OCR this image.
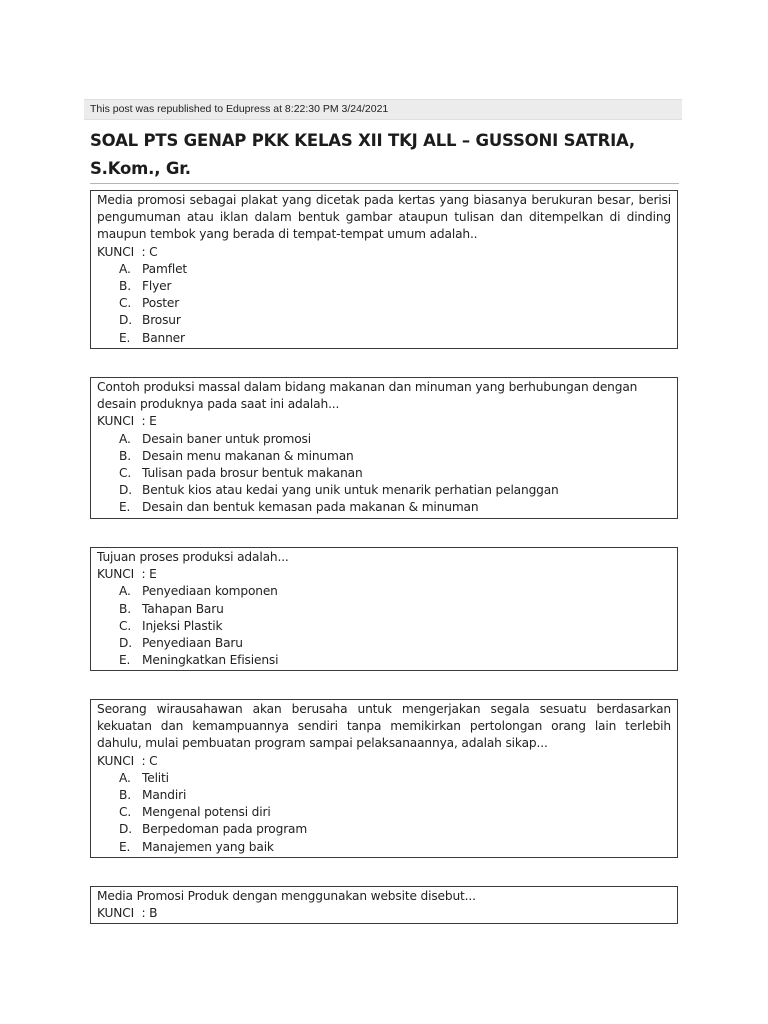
This post was republished to Edupress at 8:22:30 PM 3/24/2021
SOAL PTS GENAP PKK KELAS XII TKJ ALL – GUSSONI SATRIA, S.Kom., Gr.
Media promosi sebagai plakat yang dicetak pada kertas yang biasanya berukuran besar, berisi pengumuman atau iklan dalam bentuk gambar ataupun tulisan dan ditempelkan di dinding maupun tembok yang berada di tempat-tempat umum adalah..
KUNCI  : C
A. Pamflet
B. Flyer
C. Poster
D. Brosur
E. Banner
Contoh produksi massal dalam bidang makanan dan minuman yang berhubungan dengan desain produknya pada saat ini adalah...
KUNCI  : E
A. Desain baner untuk promosi
B. Desain menu makanan & minuman
C. Tulisan pada brosur bentuk makanan
D. Bentuk kios atau kedai yang unik untuk menarik perhatian pelanggan
E. Desain dan bentuk kemasan pada makanan & minuman
Tujuan proses produksi adalah...
KUNCI  : E
A. Penyediaan komponen
B. Tahapan Baru
C. Injeksi Plastik
D. Penyediaan Baru
E. Meningkatkan Efisiensi
Seorang wirausahawan akan berusaha untuk mengerjakan segala sesuatu berdasarkan kekuatan dan kemampuannya sendiri tanpa memikirkan pertolongan orang lain terlebih dahulu, mulai pembuatan program sampai pelaksanaannya, adalah sikap...
KUNCI  : C
A. Teliti
B. Mandiri
C. Mengenal potensi diri
D. Berpedoman pada program
E. Manajemen yang baik
Media Promosi Produk dengan menggunakan website disebut...
KUNCI  : B
